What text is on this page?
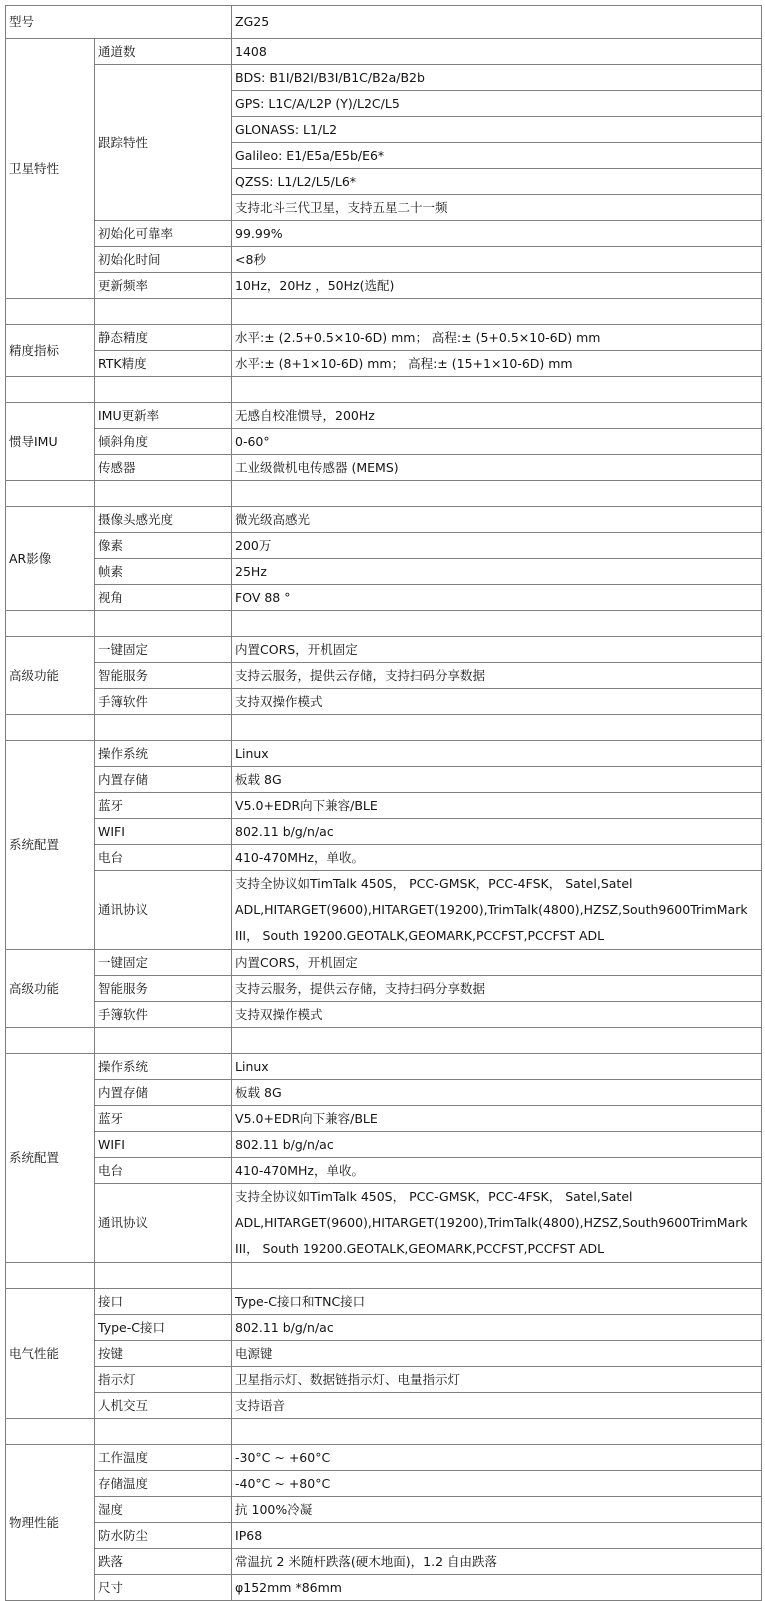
型号		ZG25
卫星特性	通道数	1408
	跟踪特性	BDS: B1I/B2I/B3I/B1C/B2a/B2b
		GPS: L1C/A/L2P (Y)/L2C/L5
		GLONASS: L1/L2
		Galileo: E1/E5a/E5b/E6*
		QZSS: L1/L2/L5/L6*
		支持北斗三代卫星，支持五星二十一频
	初始化可靠率	99.99%
	初始化时间	<8秒
	更新频率	10Hz，20Hz ，50Hz(选配)

精度指标	静态精度	水平:± (2.5+0.5×10-6D) mm； 高程:± (5+0.5×10-6D) mm
	RTK精度	水平:± (8+1×10-6D) mm； 高程:± (15+1×10-6D) mm

惯导IMU	IMU更新率	无感自校准惯导，200Hz
	倾斜角度	0-60°
	传感器	工业级微机电传感器 (MEMS)

AR影像	摄像头感光度	微光级高感光
	像素	200万
	帧素	25Hz
	视角	FOV 88 °

高级功能	一键固定	内置CORS，开机固定
	智能服务	支持云服务，提供云存储，支持扫码分享数据
	手簿软件	支持双操作模式

系统配置	操作系统	Linux
	内置存储	板载 8G
	蓝牙	V5.0+EDR向下兼容/BLE
	WIFI	802.11 b/g/n/ac
	电台	410-470MHz，单收。
	通讯协议	支持全协议如TimTalk 450S， PCC-GMSK，PCC-4FSK， Satel,Satel ADL,HITARGET(9600),HITARGET(19200),TrimTalk(4800),HZSZ,South9600TrimMark III， South 19200.GEOTALK,GEOMARK,PCCFST,PCCFST ADL
高级功能	一键固定	内置CORS，开机固定
	智能服务	支持云服务，提供云存储，支持扫码分享数据
	手簿软件	支持双操作模式

系统配置	操作系统	Linux
	内置存储	板载 8G
	蓝牙	V5.0+EDR向下兼容/BLE
	WIFI	802.11 b/g/n/ac
	电台	410-470MHz，单收。
	通讯协议	支持全协议如TimTalk 450S， PCC-GMSK，PCC-4FSK， Satel,Satel ADL,HITARGET(9600),HITARGET(19200),TrimTalk(4800),HZSZ,South9600TrimMark III， South 19200.GEOTALK,GEOMARK,PCCFST,PCCFST ADL

电气性能	接口	Type-C接口和TNC接口
	Type-C接口	802.11 b/g/n/ac
	按键	电源键
	指示灯	卫星指示灯、数据链指示灯、电量指示灯
	人机交互	支持语音

物理性能	工作温度	-30°C ~ +60°C
	存储温度	-40°C ~ +80°C
	湿度	抗 100%冷凝
	防水防尘	IP68
	跌落	常温抗 2 米随杆跌落(硬木地面)，1.2 自由跌落
	尺寸	φ152mm *86mm
